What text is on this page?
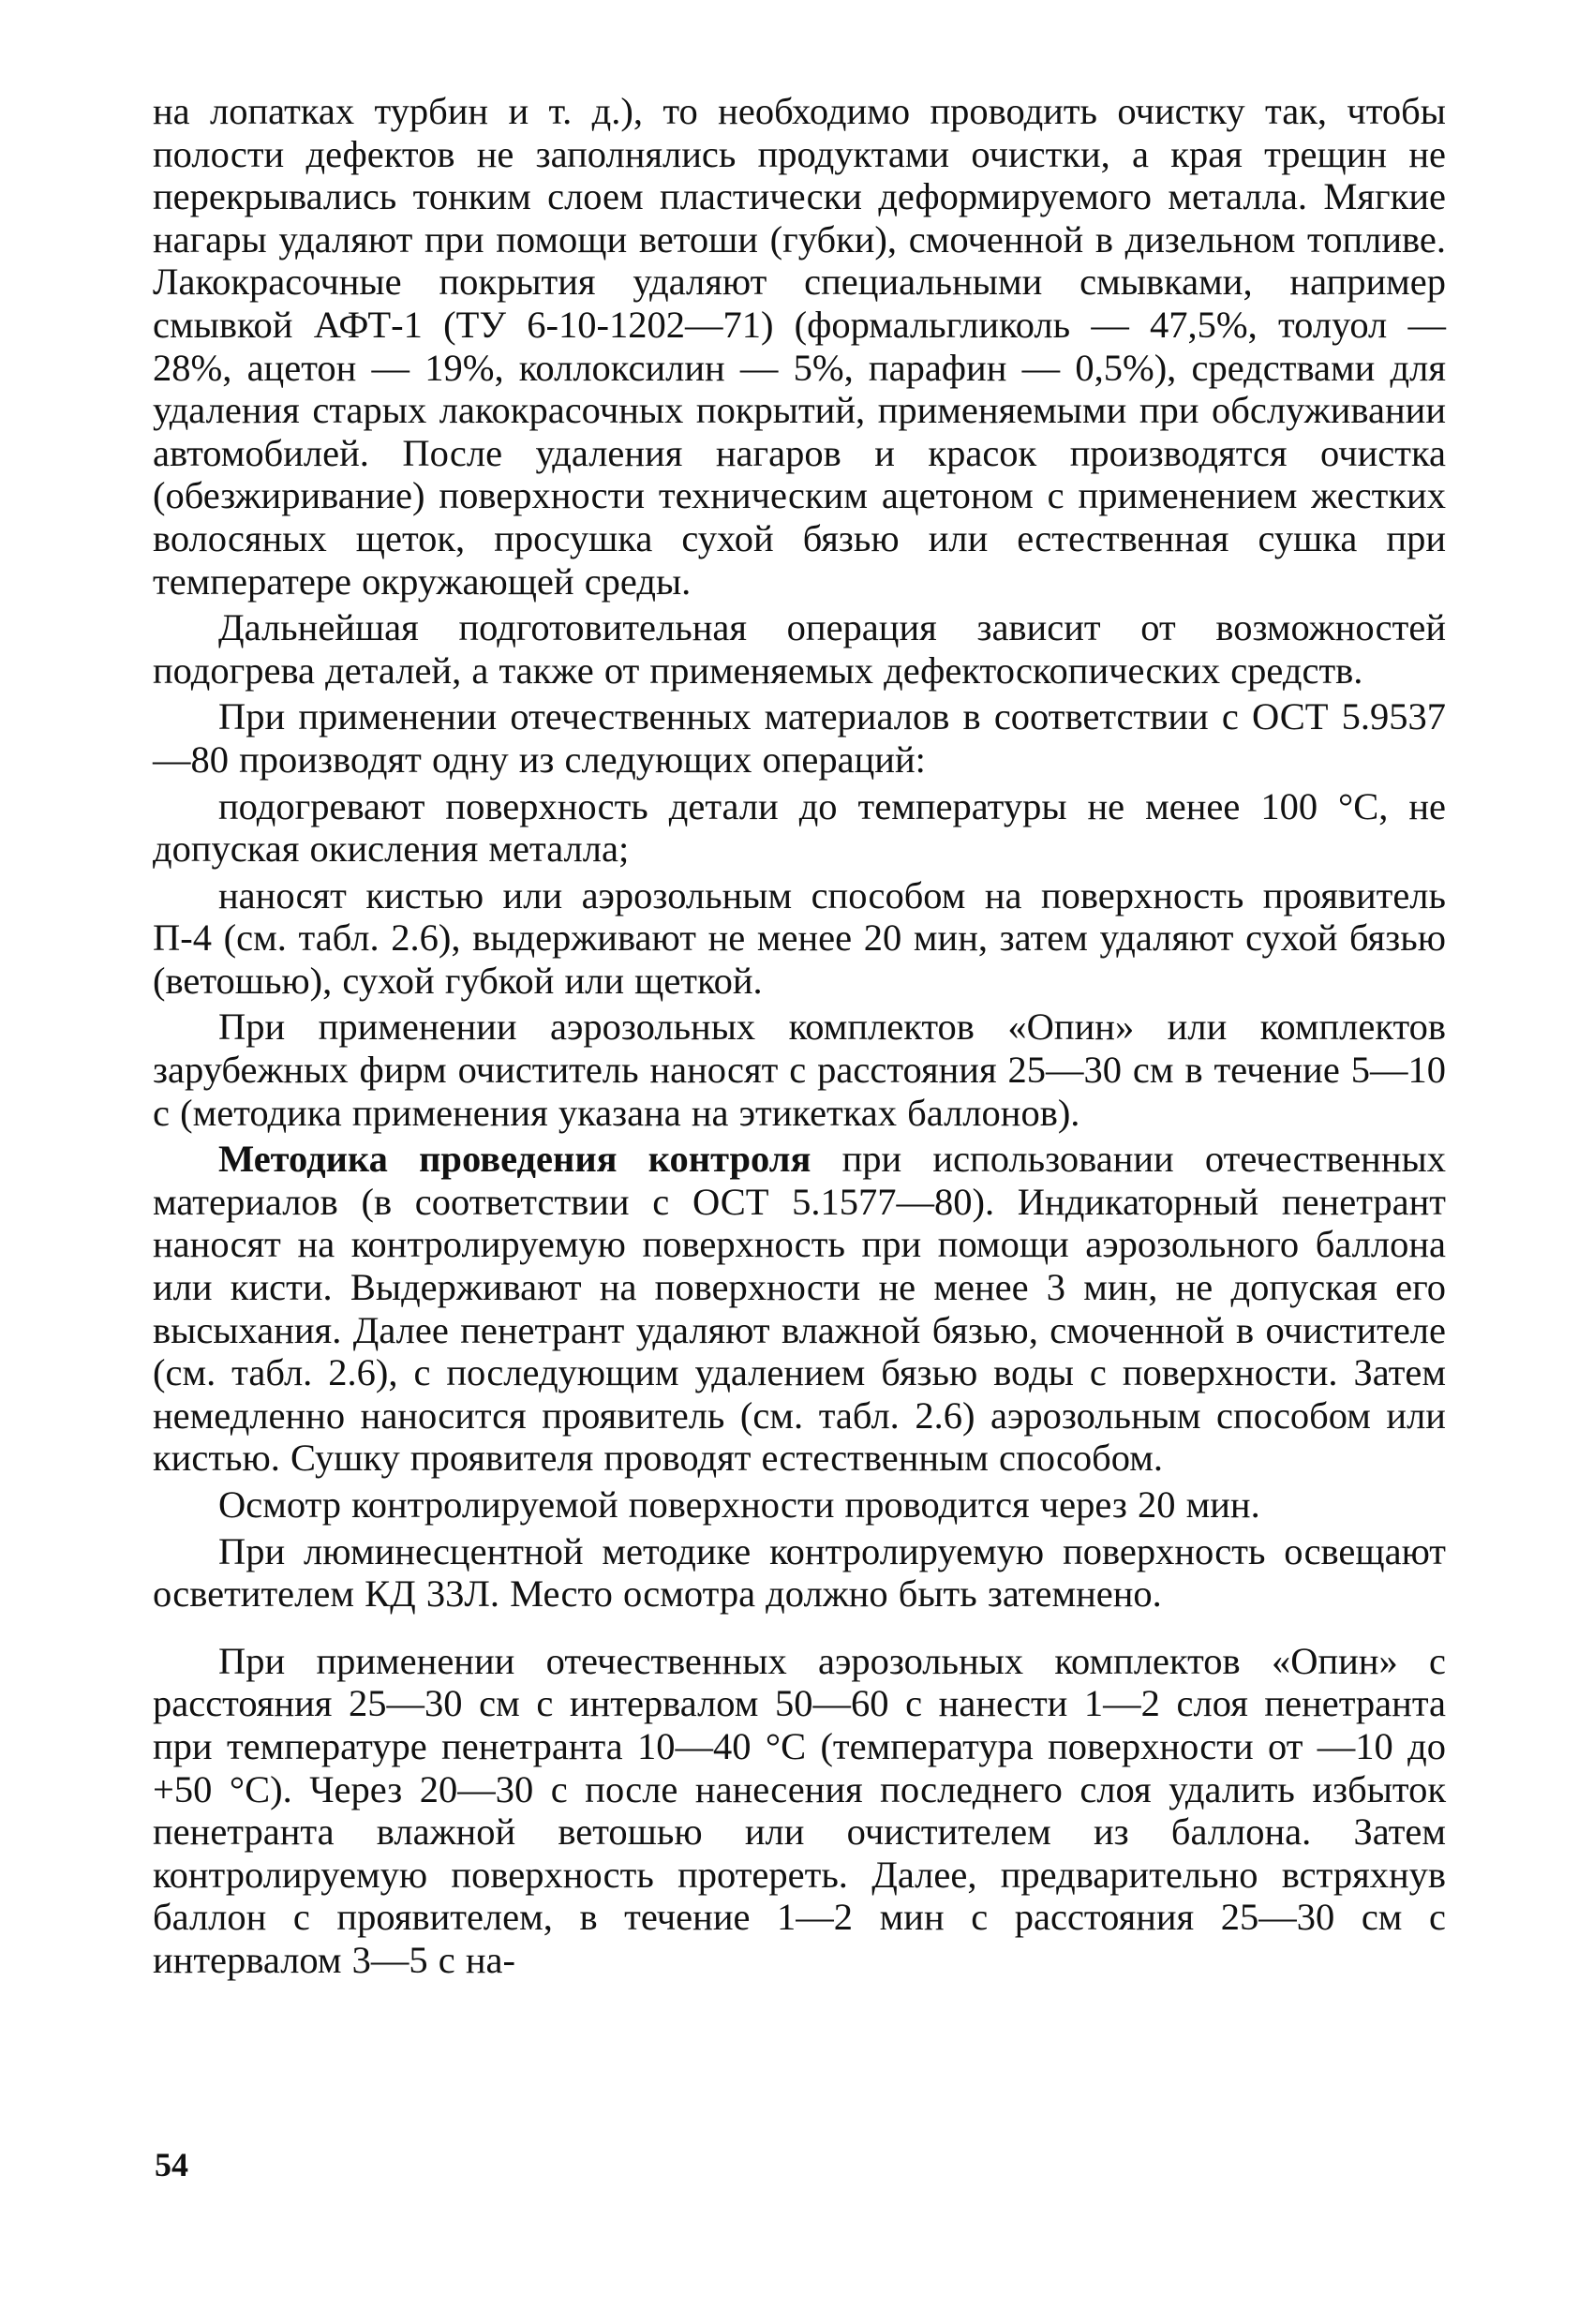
на лопатках турбин и т. д.), то необходимо проводить очистку так, чтобы полости дефектов не заполнялись продуктами очистки, а края трещин не перекрывались тонким слоем пластически деформируемого металла. Мягкие нагары удаляют при помощи ветоши (губки), смоченной в дизельном топливе. Лакокрасочные покрытия удаляют специальными смывками, например смывкой АФТ-1 (ТУ 6-10-1202—71) (формальгликоль — 47,5%, толуол — 28%, ацетон — 19%, коллоксилин — 5%, парафин — 0,5%), средствами для удаления старых лакокрасочных покрытий, применяемыми при обслуживании автомобилей. После удаления нагаров и красок производятся очистка (обезжиривание) поверхности техническим ацетоном с применением жестких волосяных щеток, просушка сухой бязью или естественная сушка при температере окружающей среды.

Дальнейшая подготовительная операция зависит от возможностей подогрева деталей, а также от применяемых дефектоскопических средств.

При применении отечественных материалов в соответствии с ОСТ 5.9537—80 производят одну из следующих операций:

подогревают поверхность детали до температуры не менее 100 °С, не допуская окисления металла;

наносят кистью или аэрозольным способом на поверхность проявитель П-4 (см. табл. 2.6), выдерживают не менее 20 мин, затем удаляют сухой бязью (ветошью), сухой губкой или щеткой.

При применении аэрозольных комплектов «Опин» или комплектов зарубежных фирм очиститель наносят с расстояния 25—30 см в течение 5—10 с (методика применения указана на этикетках баллонов).

Методика проведения контроля при использовании отечественных материалов (в соответствии с ОСТ 5.1577—80). Индикаторный пенетрант наносят на контролируемую поверхность при помощи аэрозольного баллона или кисти. Выдерживают на поверхности не менее 3 мин, не допуская его высыхания. Далее пенетрант удаляют влажной бязью, смоченной в очистителе (см. табл. 2.6), с последующим удалением бязью воды с поверхности. Затем немедленно наносится проявитель (см. табл. 2.6) аэрозольным способом или кистью. Сушку проявителя проводят естественным способом.

Осмотр контролируемой поверхности проводится через 20 мин.

При люминесцентной методике контролируемую поверхность освещают осветителем КД 33Л. Место осмотра должно быть затемнено.

При применении отечественных аэрозольных комплектов «Опин» с расстояния 25—30 см с интервалом 50—60 с нанести 1—2 слоя пенетранта при температуре пенетранта 10—40 °С (температура поверхности от —10 до +50 °С). Через 20—30 с после нанесения последнего слоя удалить избыток пенетранта влажной ветошью или очистителем из баллона. Затем контролируемую поверхность протереть. Далее, предварительно встряхнув баллон с проявителем, в течение 1—2 мин с расстояния 25—30 см с интервалом 3—5 с на-

54
